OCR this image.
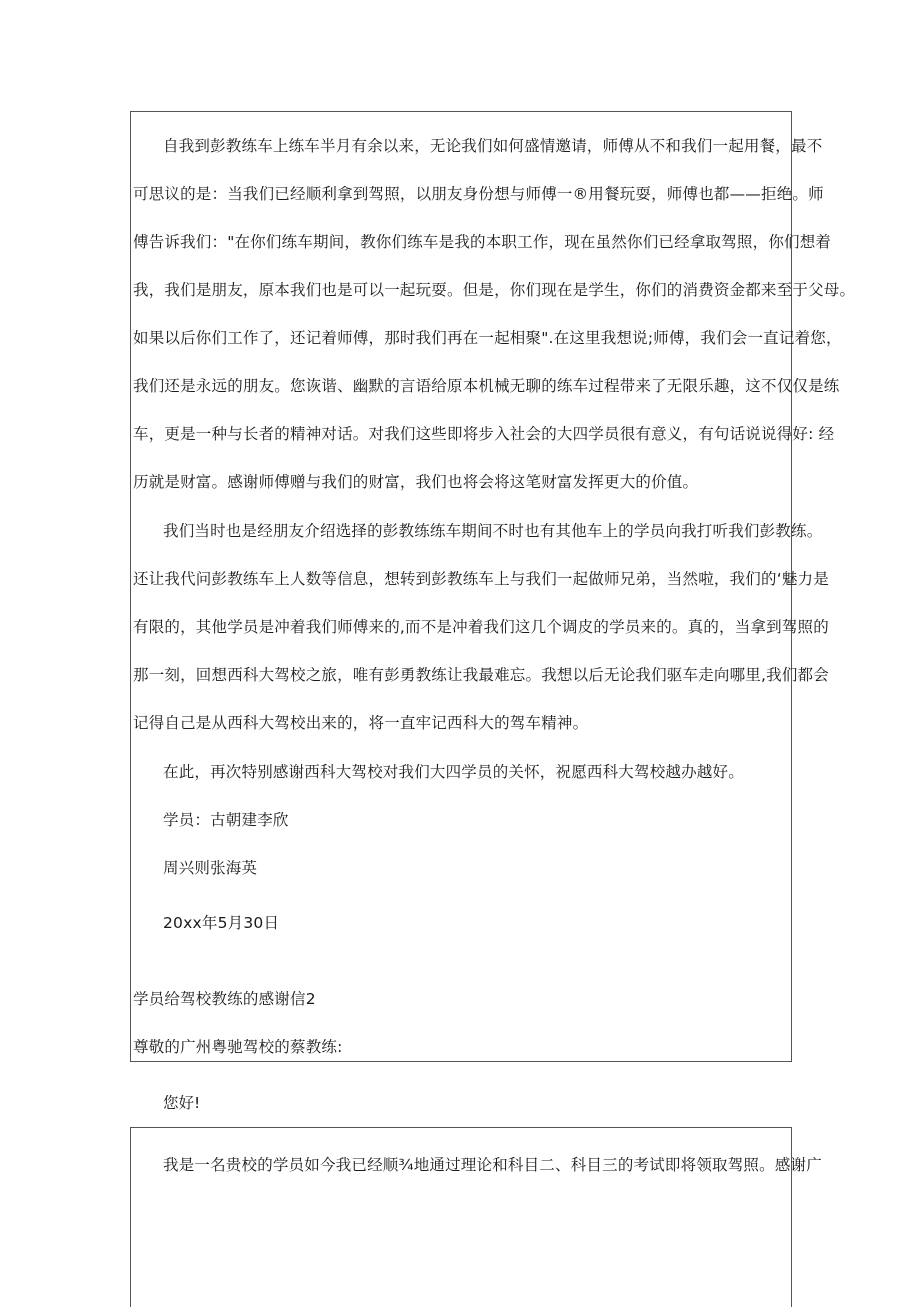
自我到彭教练车上练车半月有余以来，无论我们如何盛情邀请，师傅从不和我们一起用餐，最不
可思议的是：当我们已经顺利拿到驾照，以朋友身份想与师傅一®用餐玩耍，师傅也都——拒绝。师
傅告诉我们："在你们练车期间，教你们练车是我的本职工作，现在虽然你们已经拿取驾照，你们想着
我，我们是朋友，原本我们也是可以一起玩耍。但是，你们现在是学生，你们的消费资金都来至于父母。
如果以后你们工作了，还记着师傅，那时我们再在一起相聚".在这里我想说;师傅，我们会一直记着您，
我们还是永远的朋友。您诙谐、幽默的言语给原本机械无聊的练车过程带来了无限乐趣，这不仅仅是练
车，更是一种与长者的精神对话。对我们这些即将步入社会的大四学员很有意义，有句话说说得好: 经
历就是财富。感谢师傅赠与我们的财富，我们也将会将这笔财富发挥更大的价值。
我们当时也是经朋友介绍选择的彭教练练车期间不时也有其他车上的学员向我打听我们彭教练。
还让我代问彭教练车上人数等信息，想转到彭教练车上与我们一起做师兄弟，当然啦，我们的‘魅力是
有限的，其他学员是冲着我们师傅来的,而不是冲着我们这几个调皮的学员来的。真的，当拿到驾照的
那一刻，回想西科大驾校之旅，唯有彭勇教练让我最难忘。我想以后无论我们驱车走向哪里,我们都会
记得自己是从西科大驾校出来的，将一直牢记西科大的驾车精神。
在此，再次特别感谢西科大驾校对我们大四学员的关怀，祝愿西科大驾校越办越好。
学员：古朝建李欣
周兴则张海英
20xx年5月30日
学员给驾校教练的感谢信2
尊敬的广州粤驰驾校的蔡教练:
您好!
我是一名贵校的学员如今我已经顺¾地通过理论和科目二、科目三的考试即将领取驾照。感谢广
